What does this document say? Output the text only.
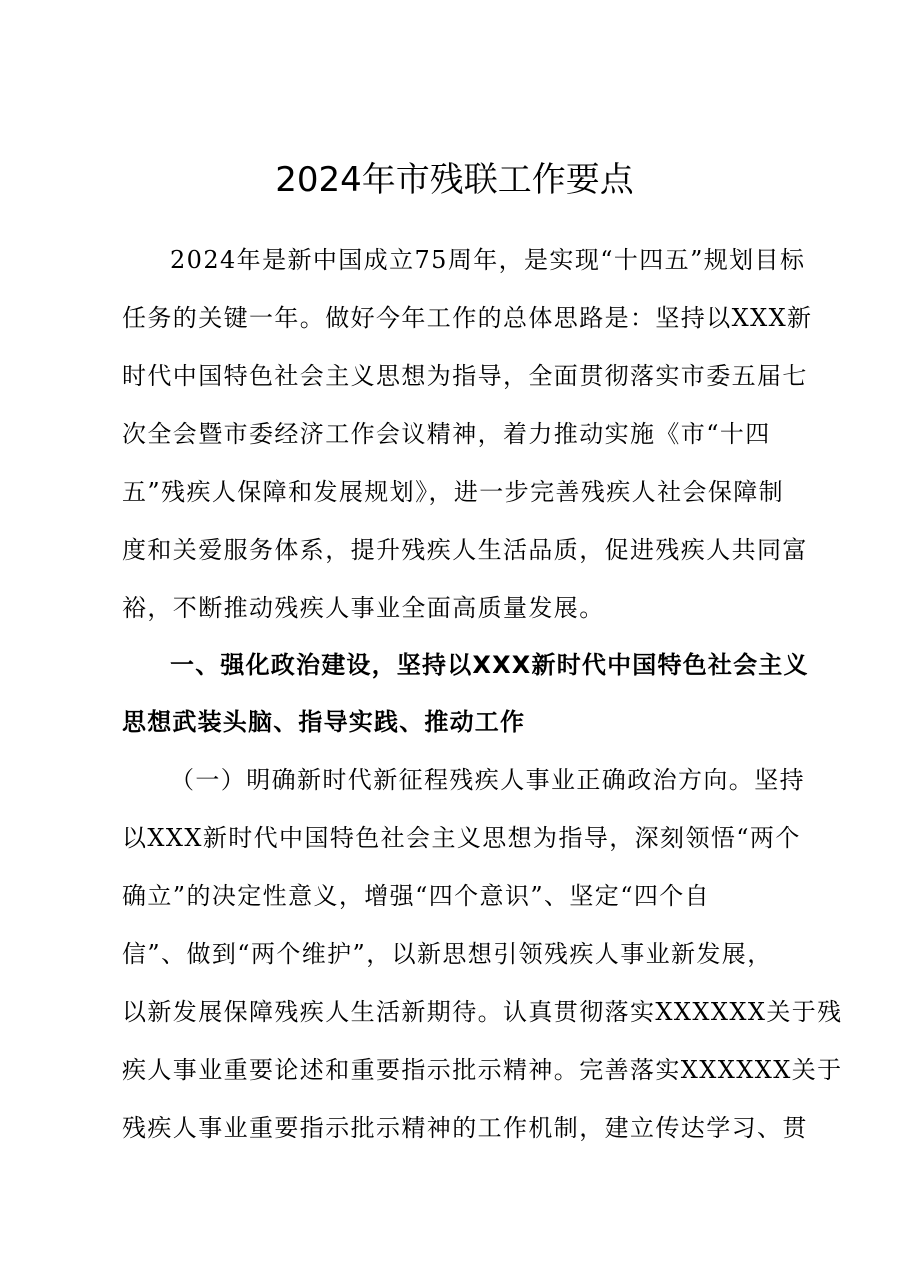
2024年市残联工作要点
2024年是新中国成立75周年，是实现“十四五”规划目标
任务的关键一年。做好今年工作的总体思路是：坚持以XXX新
时代中国特色社会主义思想为指导，全面贯彻落实市委五届七
次全会暨市委经济工作会议精神，着力推动实施《市“十四
五”残疾人保障和发展规划》，进一步完善残疾人社会保障制
度和关爱服务体系，提升残疾人生活品质，促进残疾人共同富
裕，不断推动残疾人事业全面高质量发展。
一、强化政治建设，坚持以XXX新时代中国特色社会主义
思想武装头脑、指导实践、推动工作
（一）明确新时代新征程残疾人事业正确政治方向。坚持
以XXX新时代中国特色社会主义思想为指导，深刻领悟“两个
确立”的决定性意义，增强“四个意识”、坚定“四个自
信”、做到“两个维护”，以新思想引领残疾人事业新发展，
以新发展保障残疾人生活新期待。认真贯彻落实XXXXXX关于残
疾人事业重要论述和重要指示批示精神。完善落实XXXXXX关于
残疾人事业重要指示批示精神的工作机制，建立传达学习、贯
